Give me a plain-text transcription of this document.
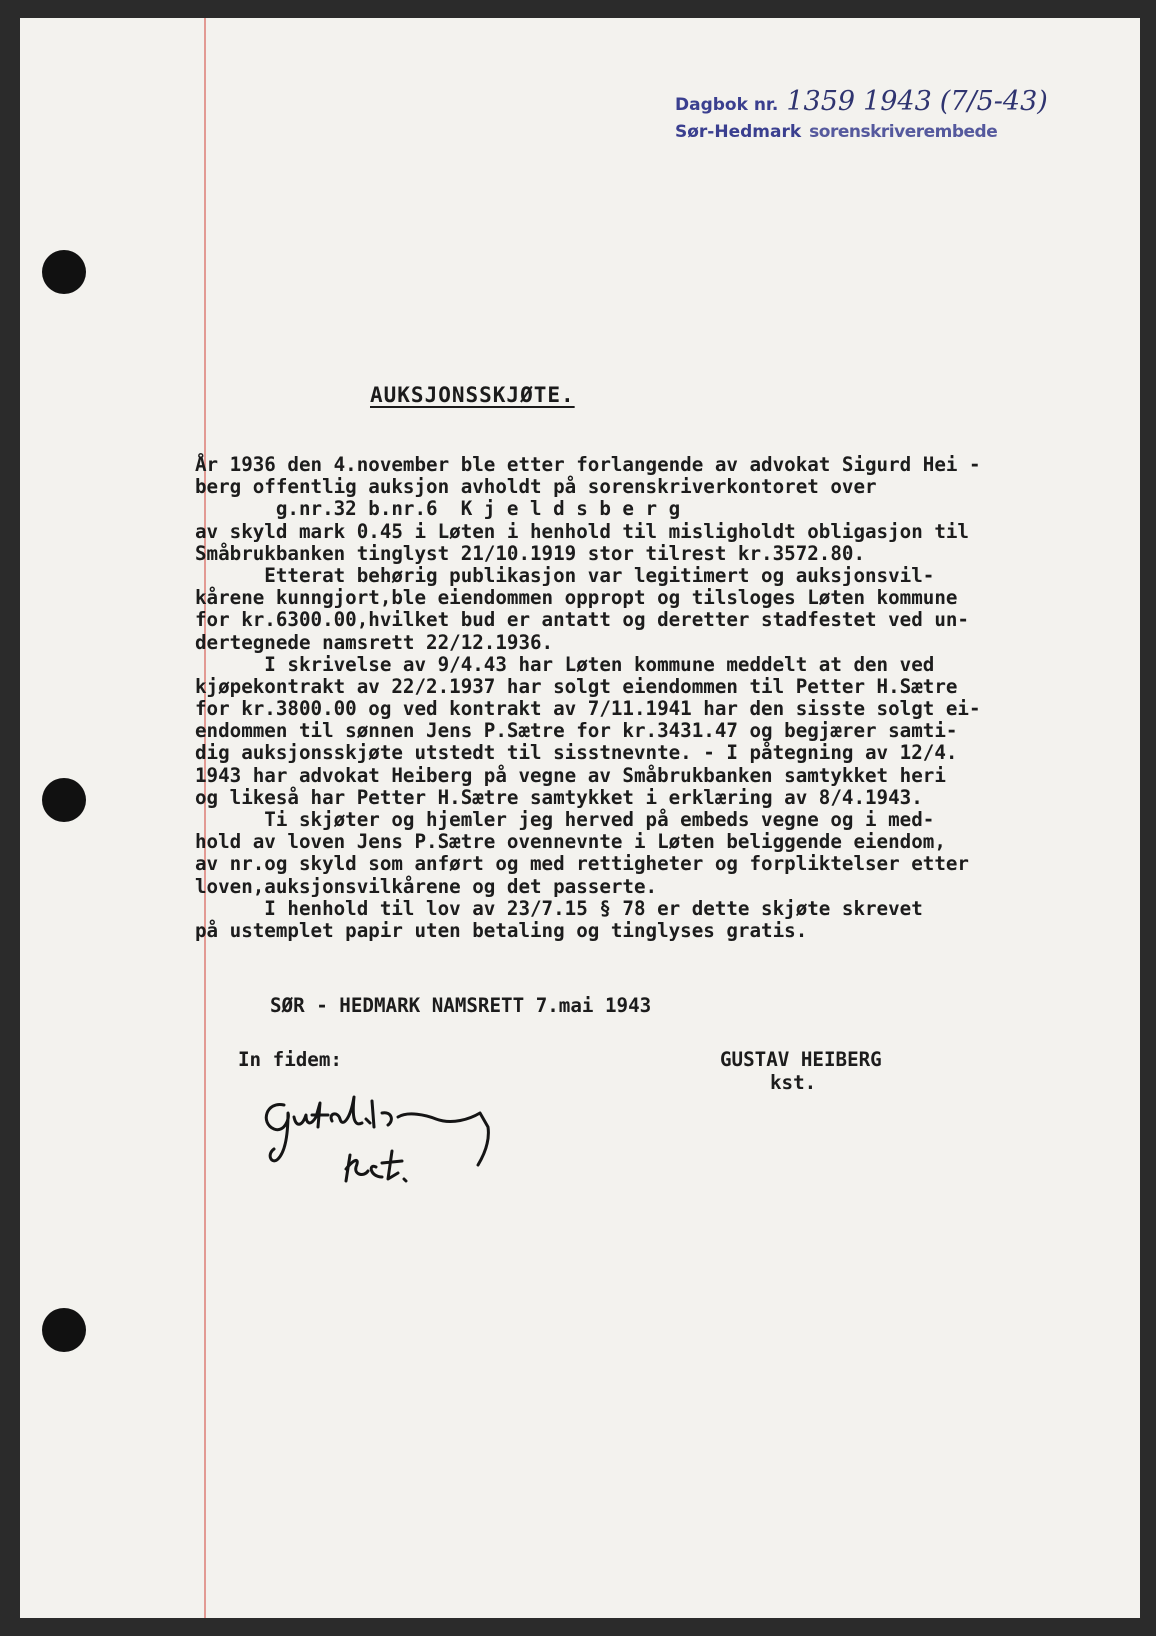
Dagbok nr. 1359 1943 (7/5-43)
Sør-Hedmark sorenskriverembede
AUKSJONSSKJØTE.
År 1936 den 4.november ble etter forlangende av advokat Sigurd Hei -
berg offentlig auksjon avholdt på sorenskriverkontoret over
g.nr.32 b.nr.6  K j e l d s b e r g
av skyld mark 0.45 i Løten i henhold til misligholdt obligasjon til
Småbrukbanken tinglyst 21/10.1919 stor tilrest kr.3572.80.
Etterat behørig publikasjon var legitimert og auksjonsvil-
kårene kunngjort,ble eiendommen oppropt og tilsloges Løten kommune
for kr.6300.00,hvilket bud er antatt og deretter stadfestet ved un-
dertegnede namsrett 22/12.1936.
I skrivelse av 9/4.43 har Løten kommune meddelt at den ved
kjøpekontrakt av 22/2.1937 har solgt eiendommen til Petter H.Sætre
for kr.3800.00 og ved kontrakt av 7/11.1941 har den sisste solgt ei-
endommen til sønnen Jens P.Sætre for kr.3431.47 og begjærer samti-
dig auksjonsskjøte utstedt til sisstnevnte. - I påtegning av 12/4.
1943 har advokat Heiberg på vegne av Småbrukbanken samtykket heri
og likeså har Petter H.Sætre samtykket i erklæring av 8/4.1943.
Ti skjøter og hjemler jeg herved på embeds vegne og i med-
hold av loven Jens P.Sætre ovennevnte i Løten beliggende eiendom,
av nr.og skyld som anført og med rettigheter og forpliktelser etter
loven,auksjonsvilkårene og det passerte.
I henhold til lov av 23/7.15 § 78 er dette skjøte skrevet
på ustemplet papir uten betaling og tinglyses gratis.
SØR - HEDMARK NAMSRETT 7.mai 1943
In fidem:	GUSTAV HEIBERG
kst.
